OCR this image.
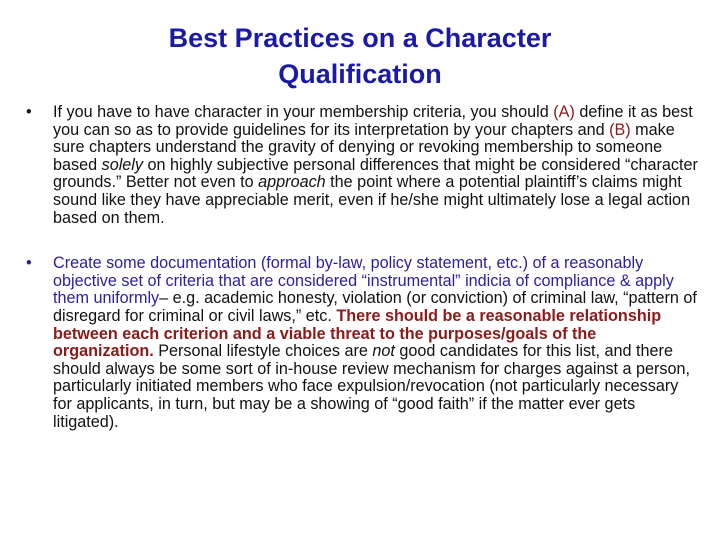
Best Practices on a Character
Qualification
• If you have to have character in your membership criteria, you should (A) define it as best you can so as to provide guidelines for its interpretation by your chapters and (B) make sure chapters understand the gravity of denying or revoking membership to someone based solely on highly subjective personal differences that might be considered “character grounds.” Better not even to approach the point where a potential plaintiff’s claims might sound like they have appreciable merit, even if he/she might ultimately lose a legal action based on them.
• Create some documentation (formal by-law, policy statement, etc.) of a reasonably objective set of criteria that are considered “instrumental” indicia of compliance & apply them uniformly– e.g. academic honesty, violation (or conviction) of criminal law, “pattern of disregard for criminal or civil laws,” etc. There should be a reasonable relationship between each criterion and a viable threat to the purposes/goals of the organization. Personal lifestyle choices are not good candidates for this list, and there should always be some sort of in-house review mechanism for charges against a person, particularly initiated members who face expulsion/revocation (not particularly necessary for applicants, in turn, but may be a showing of “good faith” if the matter ever gets litigated).
